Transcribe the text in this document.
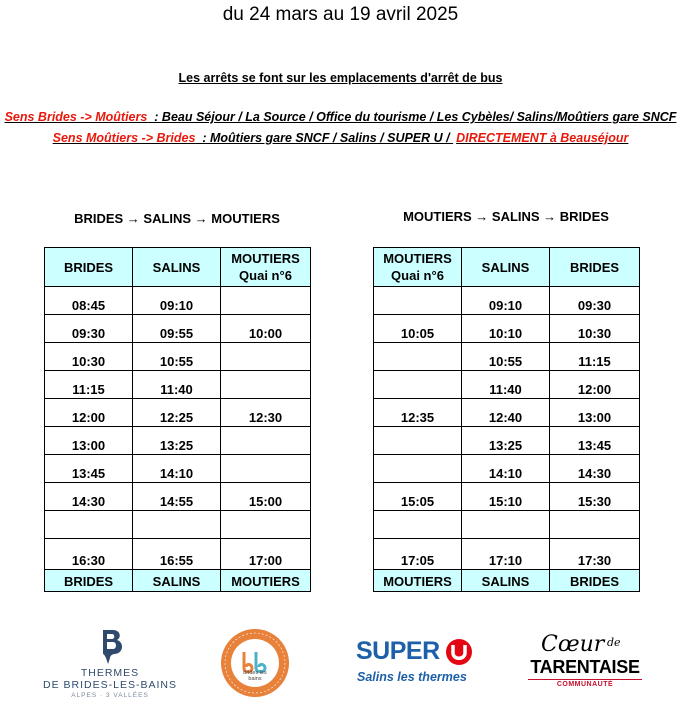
du 24 mars au 19 avril 2025
Les arrêts se font sur les emplacements d'arrêt de bus
Sens Brides -> Moûtiers  : Beau Séjour / La Source / Office du tourisme / Les Cybèles/ Salins/Moûtiers gare SNCF
Sens Moûtiers -> Brides  : Moûtiers gare SNCF / Salins / SUPER U / DIRECTEMENT à Beauséjour
BRIDES → SALINS → MOUTIERS	MOUTIERS → SALINS → BRIDES
BRIDES	SALINS	MOUTIERS
Quai n°6

08:45	09:10	
09:30	09:55	10:00
10:30	10:55	
11:15	11:40	
12:00	12:25	12:30
13:00	13:25	
13:45	14:10	
14:30	14:55	15:00

16:30	16:55	17:00
BRIDES	SALINS	MOUTIERS
MOUTIERS
Quai n°6	SALINS	BRIDES
	09:10	09:30
10:05	10:10	10:30
	10:55	11:15
	11:40	12:00
12:35	12:40	13:00
	13:25	13:45
	14:10	14:30
15:05	15:10	15:30

17:05	17:10	17:30
MOUTIERS	SALINS	BRIDES
THERMES
DE BRIDES-LES-BAINS
ALPES · 3 VALLÉES
brides les bains
SUPER
Salins les thermes
Cœur de
TARENTAISE
COMMUNAUTÉ
